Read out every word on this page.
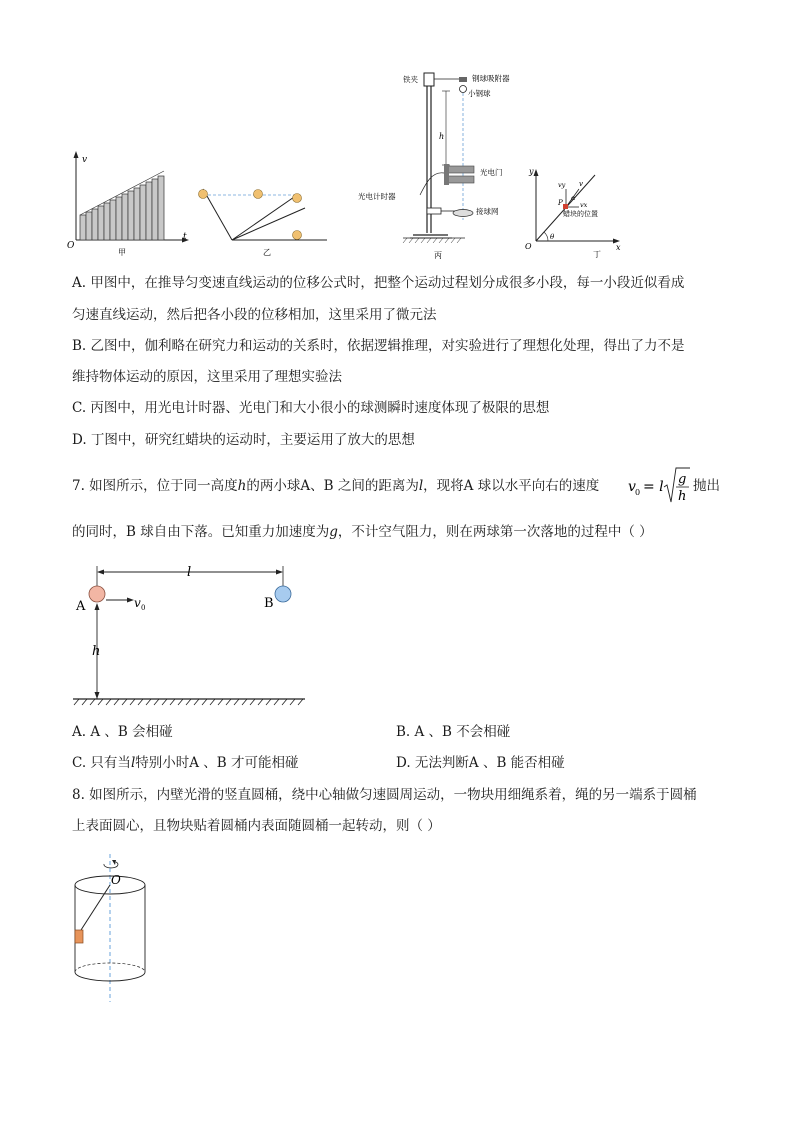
v
t
O
甲	乙
铁夹	钢球吸附器
小钢球
h
光电门
光电计时器
接球网
丙
y
x
O
θ
P
v
vy
vx
α
蜡块的位置
丁
A. 甲图中，在推导匀变速直线运动的位移公式时，把整个运动过程划分成很多小段，每一小段近似看成
匀速直线运动，然后把各小段的位移相加，这里采用了微元法
B. 乙图中，伽利略在研究力和运动的关系时，依据逻辑推理，对实验进行了理想化处理，得出了力不是
维持物体运动的原因，这里采用了理想实验法
C. 丙图中，用光电计时器、光电门和大小很小的球测瞬时速度体现了极限的思想
D. 丁图中，研究红蜡块的运动时，主要运用了放大的思想
7. 如图所示，位于同一高度h的两小球A、B 之间的距离为l，现将A 球以水平向右的速度 v 0 = l g
h
抛出
的同时，B 球自由下落。已知重力加速度为g，不计空气阻力，则在两球第一次落地的过程中（ ）
l
v 0
A	B
h
A. A 、B 会相碰	B. A 、B 不会相碰
C. 只有当l特别小时A 、B 才可能相碰	D. 无法判断A 、B 能否相碰
8. 如图所示，内壁光滑的竖直圆桶，绕中心轴做匀速圆周运动，一物块用细绳系着，绳的另一端系于圆桶
上表面圆心，且物块贴着圆桶内表面随圆桶一起转动，则（ ）
O
